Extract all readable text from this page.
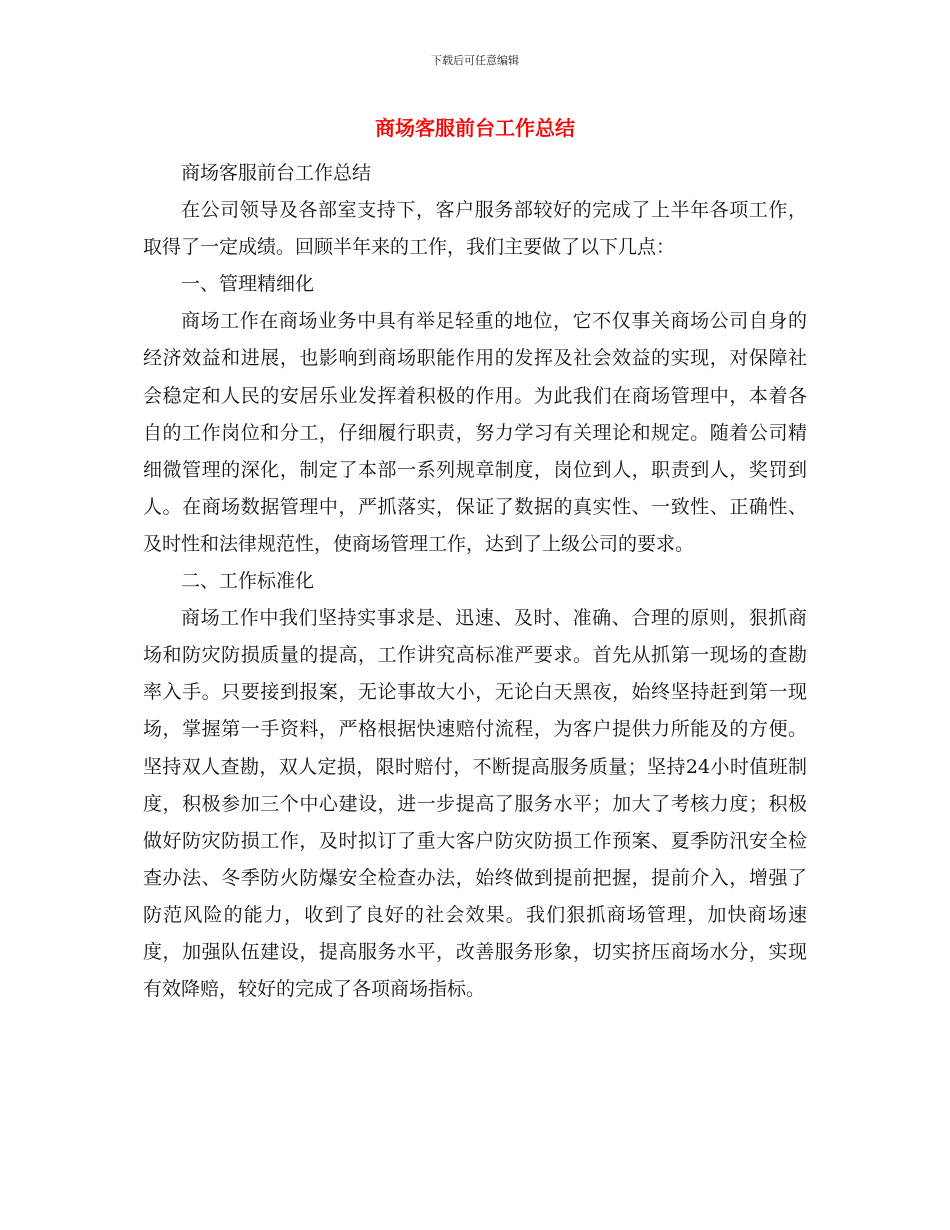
下载后可任意编辑
商场客服前台工作总结

商场客服前台工作总结

在公司领导及各部室支持下，客户服务部较好的完成了上半年各项工作，取得了一定成绩。回顾半年来的工作，我们主要做了以下几点：

一、管理精细化

商场工作在商场业务中具有举足轻重的地位，它不仅事关商场公司自身的经济效益和进展，也影响到商场职能作用的发挥及社会效益的实现，对保障社会稳定和人民的安居乐业发挥着积极的作用。为此我们在商场管理中，本着各自的工作岗位和分工，仔细履行职责，努力学习有关理论和规定。随着公司精细微管理的深化，制定了本部一系列规章制度，岗位到人，职责到人，奖罚到人。在商场数据管理中，严抓落实，保证了数据的真实性、一致性、正确性、及时性和法律规范性，使商场管理工作，达到了上级公司的要求。

二、工作标准化

商场工作中我们坚持实事求是、迅速、及时、准确、合理的原则，狠抓商场和防灾防损质量的提高，工作讲究高标准严要求。首先从抓第一现场的查勘率入手。只要接到报案，无论事故大小，无论白天黑夜，始终坚持赶到第一现场，掌握第一手资料，严格根据快速赔付流程，为客户提供力所能及的方便。坚持双人查勘，双人定损，限时赔付，不断提高服务质量；坚持24小时值班制度，积极参加三个中心建设，进一步提高了服务水平；加大了考核力度；积极做好防灾防损工作，及时拟订了重大客户防灾防损工作预案、夏季防汛安全检查办法、冬季防火防爆安全检查办法，始终做到提前把握，提前介入，增强了防范风险的能力，收到了良好的社会效果。我们狠抓商场管理，加快商场速度，加强队伍建设，提高服务水平，改善服务形象，切实挤压商场水分，实现有效降赔，较好的完成了各项商场指标。
